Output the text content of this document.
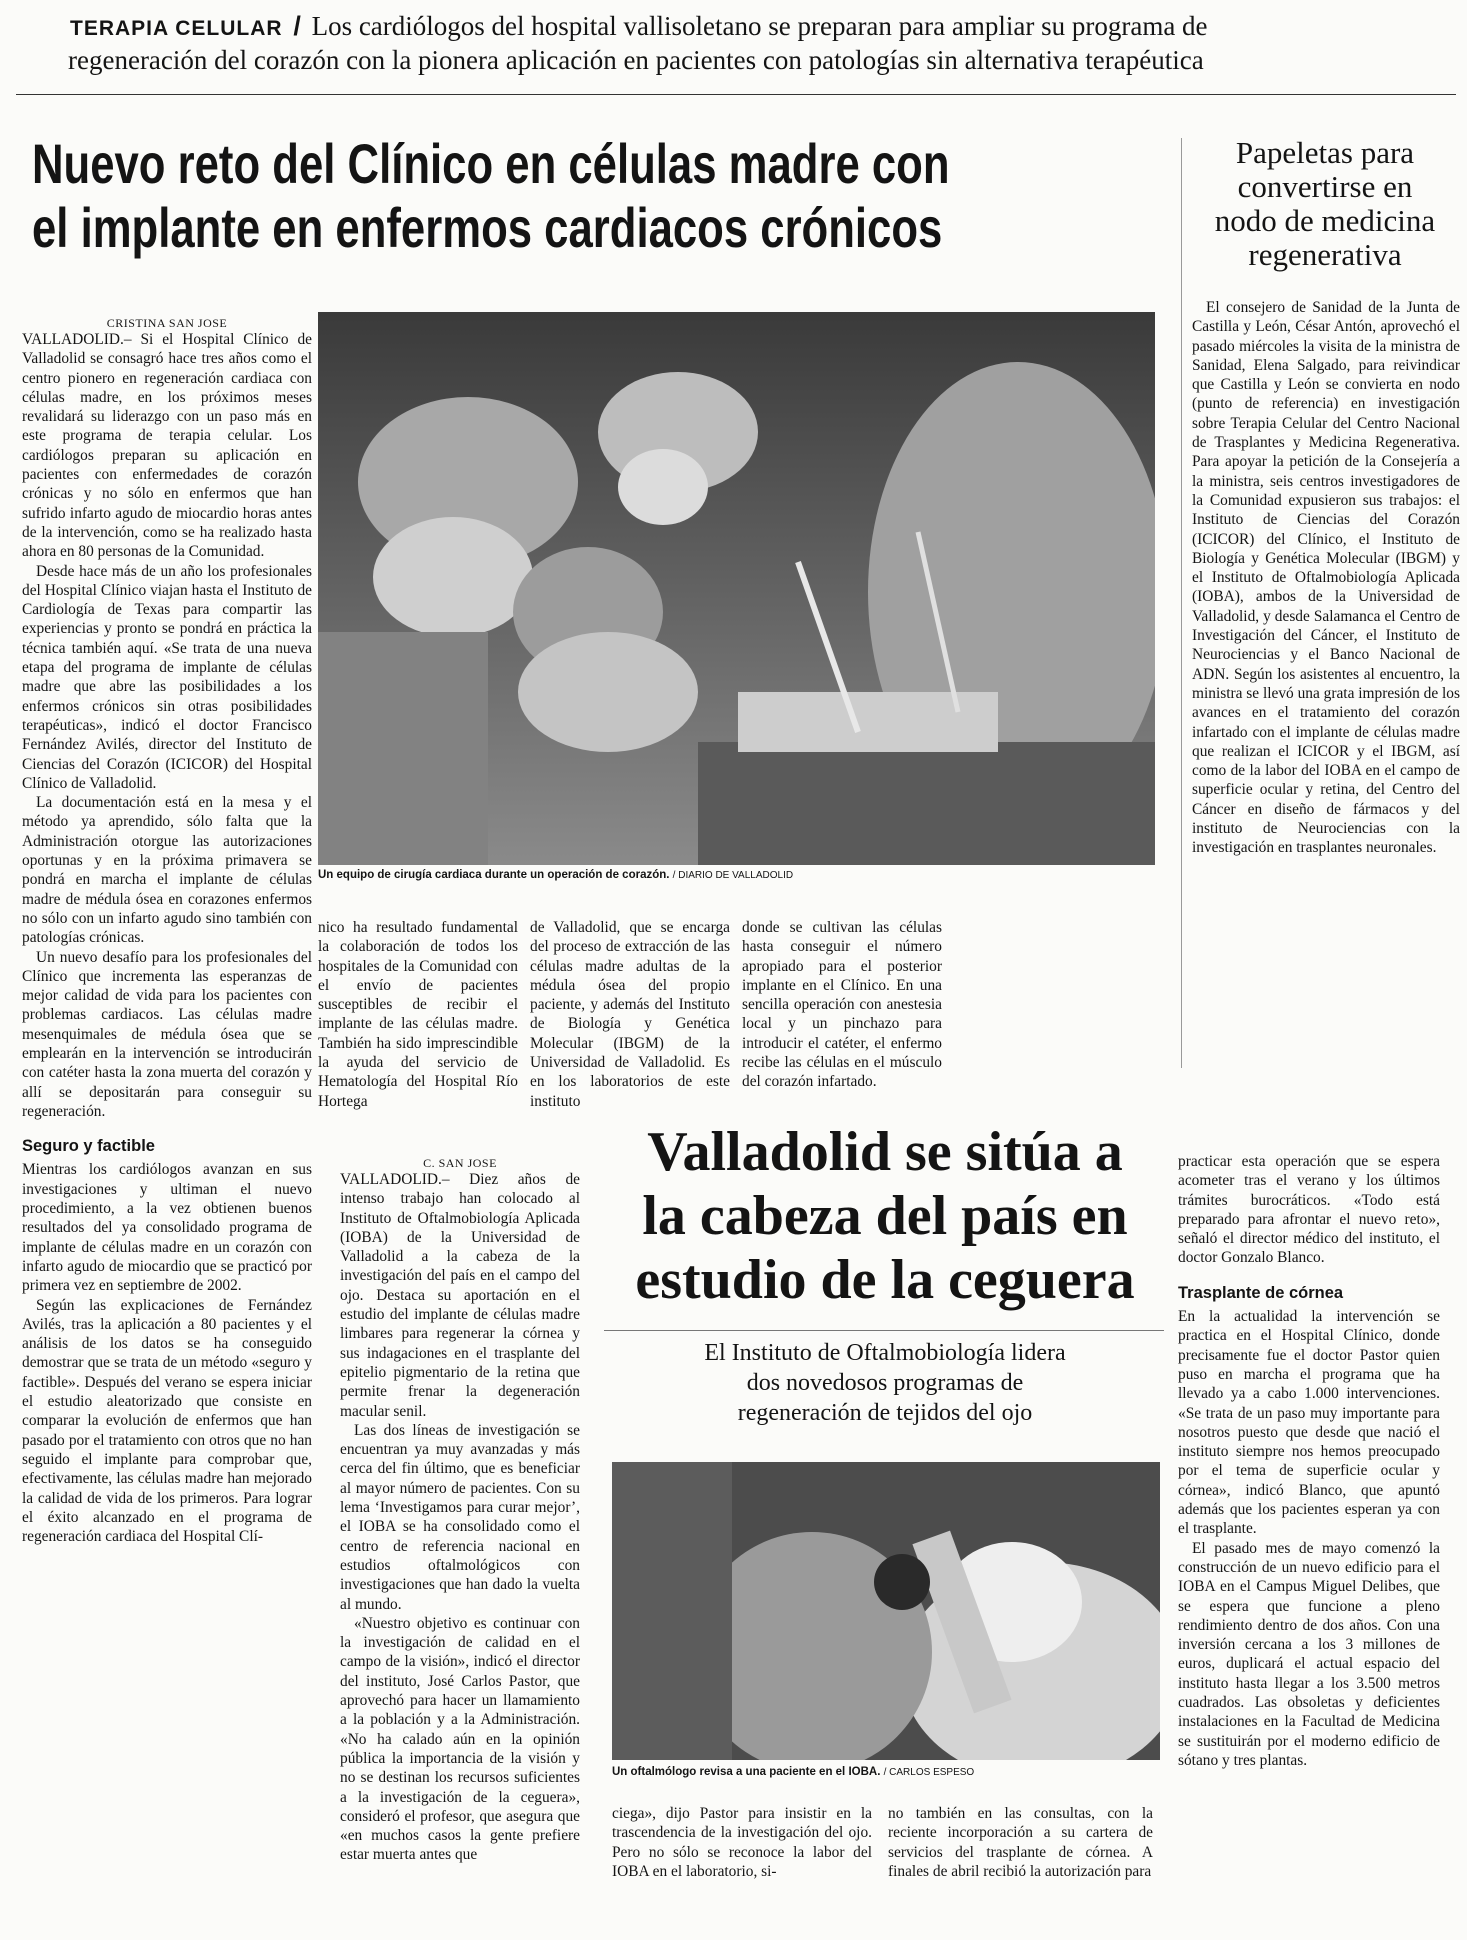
TERAPIA CELULAR / Los cardiólogos del hospital vallisoletano se preparan para ampliar su programa de
regeneración del corazón con la pionera aplicación en pacientes con patologías sin alternativa terapéutica
Nuevo reto del Clínico en células madre con
el implante en enfermos cardiacos crónicos
Un equipo de cirugía cardiaca durante un operación de corazón. / DIARIO DE VALLADOLID
CRISTINA SAN JOSE

VALLADOLID.– Si el Hospital Clínico de Valladolid se consagró hace tres años como el centro pionero en regeneración cardiaca con células madre, en los próximos meses revalidará su liderazgo con un paso más en este programa de terapia celular. Los cardiólogos preparan su aplicación en pacientes con enfermedades de corazón crónicas y no sólo en enfermos que han sufrido infarto agudo de miocardio horas antes de la intervención, como se ha realizado hasta ahora en 80 personas de la Comunidad.

Desde hace más de un año los profesionales del Hospital Clínico viajan hasta el Instituto de Cardiología de Texas para compartir las experiencias y pronto se pondrá en práctica la técnica también aquí. «Se trata de una nueva etapa del programa de implante de células madre que abre las posibilidades a los enfermos crónicos sin otras posibilidades terapéuticas», indicó el doctor Francisco Fernández Avilés, director del Instituto de Ciencias del Corazón (ICICOR) del Hospital Clínico de Valladolid.

La documentación está en la mesa y el método ya aprendido, sólo falta que la Administración otorgue las autorizaciones oportunas y en la próxima primavera se pondrá en marcha el implante de células madre de médula ósea en corazones enfermos no sólo con un infarto agudo sino también con patologías crónicas.

Un nuevo desafío para los profesionales del Clínico que incrementa las esperanzas de mejor calidad de vida para los pacientes con problemas cardiacos. Las células madre mesenquimales de médula ósea que se emplearán en la intervención se introducirán con catéter hasta la zona muerta del corazón y allí se depositarán para conseguir su regeneración.

Seguro y factible

Mientras los cardiólogos avanzan en sus investigaciones y ultiman el nuevo procedimiento, a la vez obtienen buenos resultados del ya consolidado programa de implante de células madre en un corazón con infarto agudo de miocardio que se practicó por primera vez en septiembre de 2002.

Según las explicaciones de Fernández Avilés, tras la aplicación a 80 pacientes y el análisis de los datos se ha conseguido demostrar que se trata de un método «seguro y factible». Después del verano se espera iniciar el estudio aleatorizado que consiste en comparar la evolución de enfermos que han pasado por el tratamiento con otros que no han seguido el implante para comprobar que, efectivamente, las células madre han mejorado la calidad de vida de los primeros. Para lograr el éxito alcanzado en el programa de regeneración cardiaca del Hospital Clí-

nico ha resultado fundamental la colaboración de todos los hospitales de la Comunidad con el envío de pacientes susceptibles de recibir el implante de las células madre. También ha sido imprescindible la ayuda del servicio de Hematología del Hospital Río Hortega

de Valladolid, que se encarga del proceso de extracción de las células madre adultas de la médula ósea del propio paciente, y además del Instituto de Biología y Genética Molecular (IBGM) de la Universidad de Valladolid. Es en los laboratorios de este instituto

donde se cultivan las células hasta conseguir el número apropiado para el posterior implante en el Clínico. En una sencilla operación con anestesia local y un pinchazo para introducir el catéter, el enfermo recibe las células en el músculo del corazón infartado.

Papeletas para
convertirse en
nodo de medicina
regenerativa

El consejero de Sanidad de la Junta de Castilla y León, César Antón, aprovechó el pasado miércoles la visita de la ministra de Sanidad, Elena Salgado, para reivindicar que Castilla y León se convierta en nodo (punto de referencia) en investigación sobre Terapia Celular del Centro Nacional de Trasplantes y Medicina Regenerativa. Para apoyar la petición de la Consejería a la ministra, seis centros investigadores de la Comunidad expusieron sus trabajos: el Instituto de Ciencias del Corazón (ICICOR) del Clínico, el Instituto de Biología y Genética Molecular (IBGM) y el Instituto de Oftalmobiología Aplicada (IOBA), ambos de la Universidad de Valladolid, y desde Salamanca el Centro de Investigación del Cáncer, el Instituto de Neurociencias y el Banco Nacional de ADN. Según los asistentes al encuentro, la ministra se llevó una grata impresión de los avances en el tratamiento del corazón infartado con el implante de células madre que realizan el ICICOR y el IBGM, así como de la labor del IOBA en el campo de superficie ocular y retina, del Centro del Cáncer en diseño de fármacos y del instituto de Neurociencias con la investigación en trasplantes neuronales.

C. SAN JOSE

VALLADOLID.– Diez años de intenso trabajo han colocado al Instituto de Oftalmobiología Aplicada (IOBA) de la Universidad de Valladolid a la cabeza de la investigación del país en el campo del ojo. Destaca su aportación en el estudio del implante de células madre limbares para regenerar la córnea y sus indagaciones en el trasplante del epitelio pigmentario de la retina que permite frenar la degeneración macular senil.

Las dos líneas de investigación se encuentran ya muy avanzadas y más cerca del fin último, que es beneficiar al mayor número de pacientes. Con su lema ‘Investigamos para curar mejor’, el IOBA se ha consolidado como el centro de referencia nacional en estudios oftalmológicos con investigaciones que han dado la vuelta al mundo.

«Nuestro objetivo es continuar con la investigación de calidad en el campo de la visión», indicó el director del instituto, José Carlos Pastor, que aprovechó para hacer un llamamiento a la población y a la Administración. «No ha calado aún en la opinión pública la importancia de la visión y no se destinan los recursos suficientes a la investigación de la ceguera», consideró el profesor, que asegura que «en muchos casos la gente prefiere estar muerta antes que

Valladolid se sitúa a
la cabeza del país en
estudio de la ceguera
El Instituto de Oftalmobiología lidera
dos novedosos programas de
regeneración de tejidos del ojo
Un oftalmólogo revisa a una paciente en el IOBA. / CARLOS ESPESO

ciega», dijo Pastor para insistir en la trascendencia de la investigación del ojo. Pero no sólo se reconoce la labor del IOBA en el laboratorio, si-

no también en las consultas, con la reciente incorporación a su cartera de servicios del trasplante de córnea. A finales de abril recibió la autorización para

practicar esta operación que se espera acometer tras el verano y los últimos trámites burocráticos. «Todo está preparado para afrontar el nuevo reto», señaló el director médico del instituto, el doctor Gonzalo Blanco.

Trasplante de córnea

En la actualidad la intervención se practica en el Hospital Clínico, donde precisamente fue el doctor Pastor quien puso en marcha el programa que ha llevado ya a cabo 1.000 intervenciones. «Se trata de un paso muy importante para nosotros puesto que desde que nació el instituto siempre nos hemos preocupado por el tema de superficie ocular y córnea», indicó Blanco, que apuntó además que los pacientes esperan ya con el trasplante.

El pasado mes de mayo comenzó la construcción de un nuevo edificio para el IOBA en el Campus Miguel Delibes, que se espera que funcione a pleno rendimiento dentro de dos años. Con una inversión cercana a los 3 millones de euros, duplicará el actual espacio del instituto hasta llegar a los 3.500 metros cuadrados. Las obsoletas y deficientes instalaciones en la Facultad de Medicina se sustituirán por el moderno edificio de sótano y tres plantas.
